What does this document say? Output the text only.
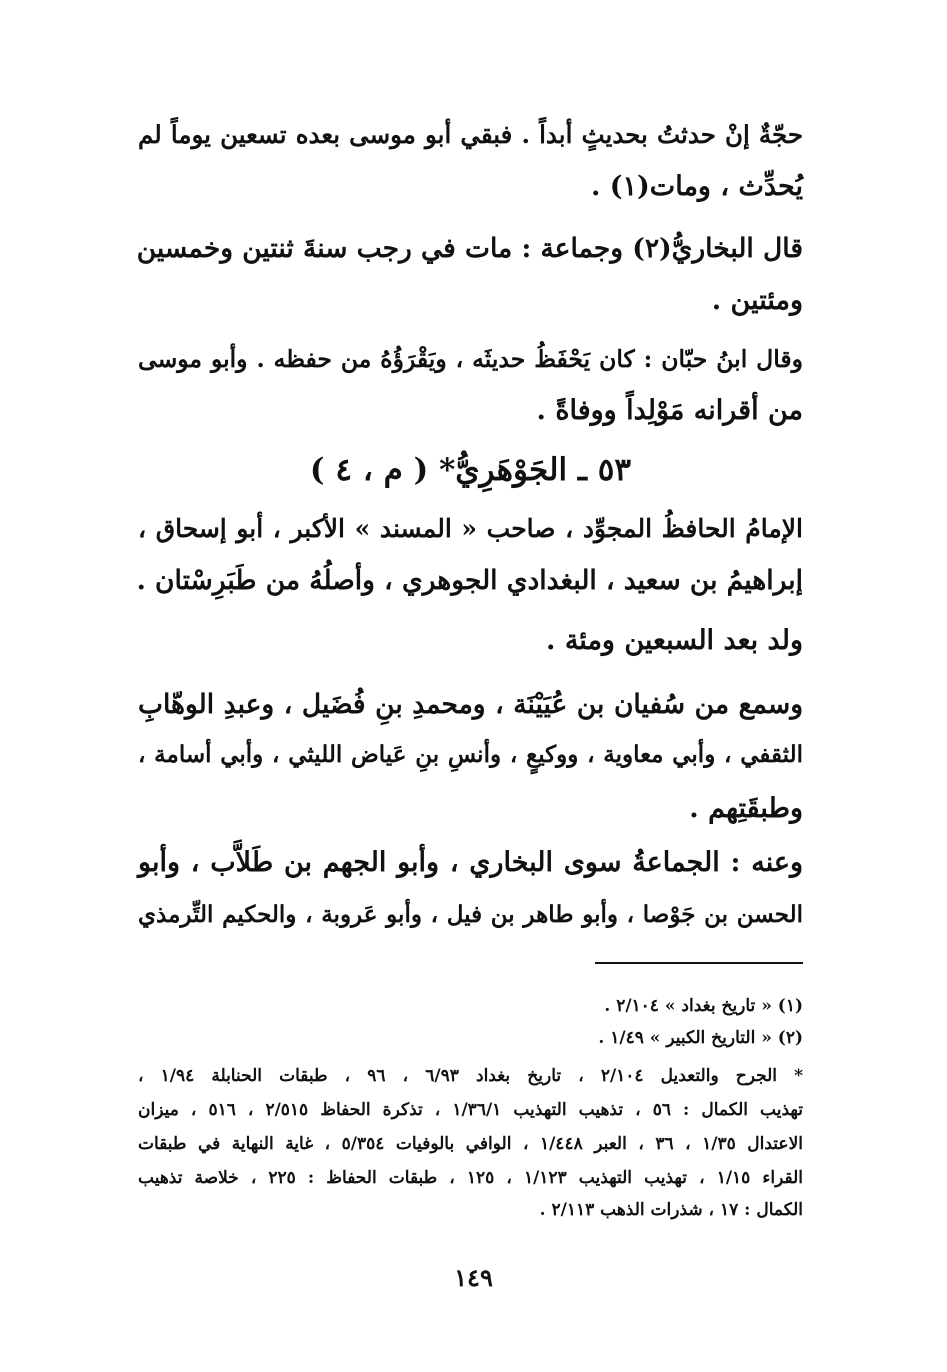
حجّةٌ إنْ حدثتُ بحديثٍ أبداً . فبقي أبو موسى بعده تسعين يوماً لم
يُحدِّث ، ومات(١) .
قال البخاريُّ(٢) وجماعة : مات في رجب سنةَ ثنتين وخمسين
ومئتين .
وقال ابنُ حبّان : كان يَحْفَظُ حديثَه ، ويَقْرَؤُهُ من حفظه . وأبو موسى
من أقرانه مَوْلِداً ووفاةً .
٥٣ ـ الجَوْهَرِيُّ* ( م ، ٤ )
الإمامُ الحافظُ المجوِّد ، صاحب « المسند » الأكبر ، أبو إسحاق ،
إبراهيمُ بن سعيد ، البغدادي الجوهري ، وأصلُهُ من طَبَرِسْتان .
ولد بعد السبعين ومئة .
وسمع من سُفيان بن عُيَيْنَة ، ومحمدِ بنِ فُضَيل ، وعبدِ الوهّابِ
الثقفي ، وأبي معاوية ، ووكيعٍ ، وأنسِ بنِ عَياض الليثي ، وأبي أسامة ،
وطبقَتِهم .
وعنه : الجماعةُ سوى البخاري ، وأبو الجهم بن طَلاَّب ، وأبو
الحسن بن جَوْصا ، وأبو طاهر بن فيل ، وأبو عَروبة ، والحكيم التِّرمذي
(١) « تاريخ بغداد » ٢/١٠٤ .
(٢) « التاريخ الكبير » ١/٤٩ .
* الجرح والتعديل ٢/١٠٤ ، تاريخ بغداد ٦/٩٣ ، ٩٦ ، طبقات الحنابلة ١/٩٤ ،
تهذيب الكمال : ٥٦ ، تذهيب التهذيب ١/٣٦/١ ، تذكرة الحفاظ ٢/٥١٥ ، ٥١٦ ، ميزان
الاعتدال ١/٣٥ ، ٣٦ ، العبر ١/٤٤٨ ، الوافي بالوفيات ٥/٣٥٤ ، غاية النهاية في طبقات
القراء ١/١٥ ، تهذيب التهذيب ١/١٢٣ ، ١٢٥ ، طبقات الحفاظ : ٢٢٥ ، خلاصة تذهيب
الكمال : ١٧ ، شذرات الذهب ٢/١١٣ .
١٤٩
